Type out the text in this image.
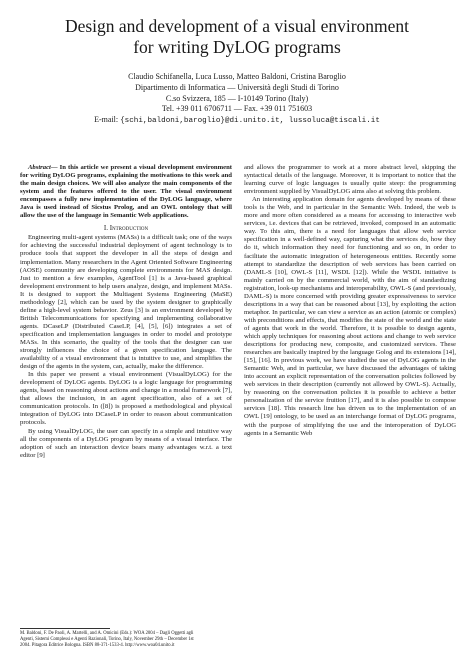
Design and development of a visual environment
for writing DyLOG programs
Claudio Schifanella, Luca Lusso, Matteo Baldoni, Cristina Baroglio
Dipartimento di Informatica — Università degli Studi di Torino
C.so Svizzera, 185 — I-10149 Torino (Italy)
Tel. +39 011 6706711 — Fax. +39 011 751603
E-mail: {schi,baldoni,baroglio}@di.unito.it, lussoluca@tiscali.it

Abstract— In this article we present a visual development environment for writing DyLOG programs, explaining the motivations to this work and the main design choices. We will also analyze the main components of the system and the features offered to the user. The visual environment encompasses a fully new implementation of the DyLOG language, where Java is used instead of Sicstus Prolog, and an OWL ontology that will allow the use of the language in Semantic Web applications.

I. Introduction

Engineering multi-agent systems (MASs) is a difficult task; one of the ways for achieving the successful industrial deployment of agent technology is to produce tools that support the developer in all the steps of design and implementation. Many researchers in the Agent Oriented Software Engineering (AOSE) community are developing complete environments for MAS design. Just to mention a few examples, AgentTool [1] is a Java-based graphical development environment to help users analyze, design, and implement MASs. It is designed to support the Multiagent Systems Engineering (MaSE) methodology [2], which can be used by the system designer to graphically define a high-level system behavior. Zeus [3] is an environment developed by British Telecommunications for specifying and implementing collaborative agents. DCaseLP (Distributed CaseLP, [4], [5], [6]) integrates a set of specification and implementation languages in order to model and prototype MASs. In this scenario, the quality of the tools that the designer can use strongly influences the choice of a given specification language. The availability of a visual environment that is intuitive to use, and simplifies the design of the agents in the system, can, actually, make the difference.

In this paper we present a visual environment (VisualDyLOG) for the development of DyLOG agents. DyLOG is a logic language for programming agents, based on reasoning about actions and change in a modal framework [7], that allows the inclusion, in an agent specification, also of a set of communication protocols. In ([8]) is proposed a methodological and physical integration of DyLOG into DCaseLP in order to reason about communication protocols.

By using VisualDyLOG, the user can specify in a simple and intuitive way all the components of a DyLOG program by means of a visual interface. The adoption of such an interaction device bears many advantages w.r.t. a text editor [9]

and allows the programmer to work at a more abstract level, skipping the syntactical details of the language. Moreover, it is important to notice that the learning curve of logic languages is usually quite steep: the programming environment supplied by VisualDyLOG aims also at solving this problem.

An interesting application domain for agents developed by means of these tools is the Web, and in particular in the Semantic Web. Indeed, the web is more and more often considered as a means for accessing to interactive web services, i.e. devices that can be retrieved, invoked, composed in an automatic way. To this aim, there is a need for languages that allow web service specification in a well-defined way, capturing what the services do, how they do it, which information they need for functioning and so on, in order to facilitate the automatic integration of heterogeneous entities. Recently some attempt to standardize the description of web services has been carried on (DAML-S [10], OWL-S [11], WSDL [12]). While the WSDL initiative is mainly carried on by the commercial world, with the aim of standardizing registration, look-up mechanisms and interoperability, OWL-S (and previously, DAML-S) is more concerned with providing greater expressiveness to service descriptions in a way that can be reasoned about [13], by exploiting the action metaphor. In particular, we can view a service as an action (atomic or complex) with preconditions and effects, that modifies the state of the world and the state of agents that work in the world. Therefore, it is possible to design agents, which apply techniques for reasoning about actions and change to web service descriptions for producing new, composite, and customized services. These researches are basically inspired by the language Golog and its extensions [14], [15], [16]. In previous work, we have studied the use of DyLOG agents in the Semantic Web, and in particular, we have discussed the advantages of taking into account an explicit representation of the conversation policies followed by web services in their description (currently not allowed by OWL-S). Actually, by reasoning on the conversation policies it is possible to achieve a better personalization of the service fruition [17], and it is also possible to compose services [18]. This research line has driven us to the implementation of an OWL [19] ontology, to be used as an interchange format of DyLOG programs, with the purpose of simplifying the use and the interoperation of DyLOG agents in a Semantic Web

M. Baldoni, F. De Paoli, A. Martelli, and A. Omicini (Eds.): WOA 2004 – Dagli Oggetti agli
Agenti, Sistemi Complessi e Agenti Razionali, Torino, Italy, November 29th – December 1st
2004. Pitagora Editrice Bologna. ISBN 88-371-1533-4. http://www.woa04.unito.it
